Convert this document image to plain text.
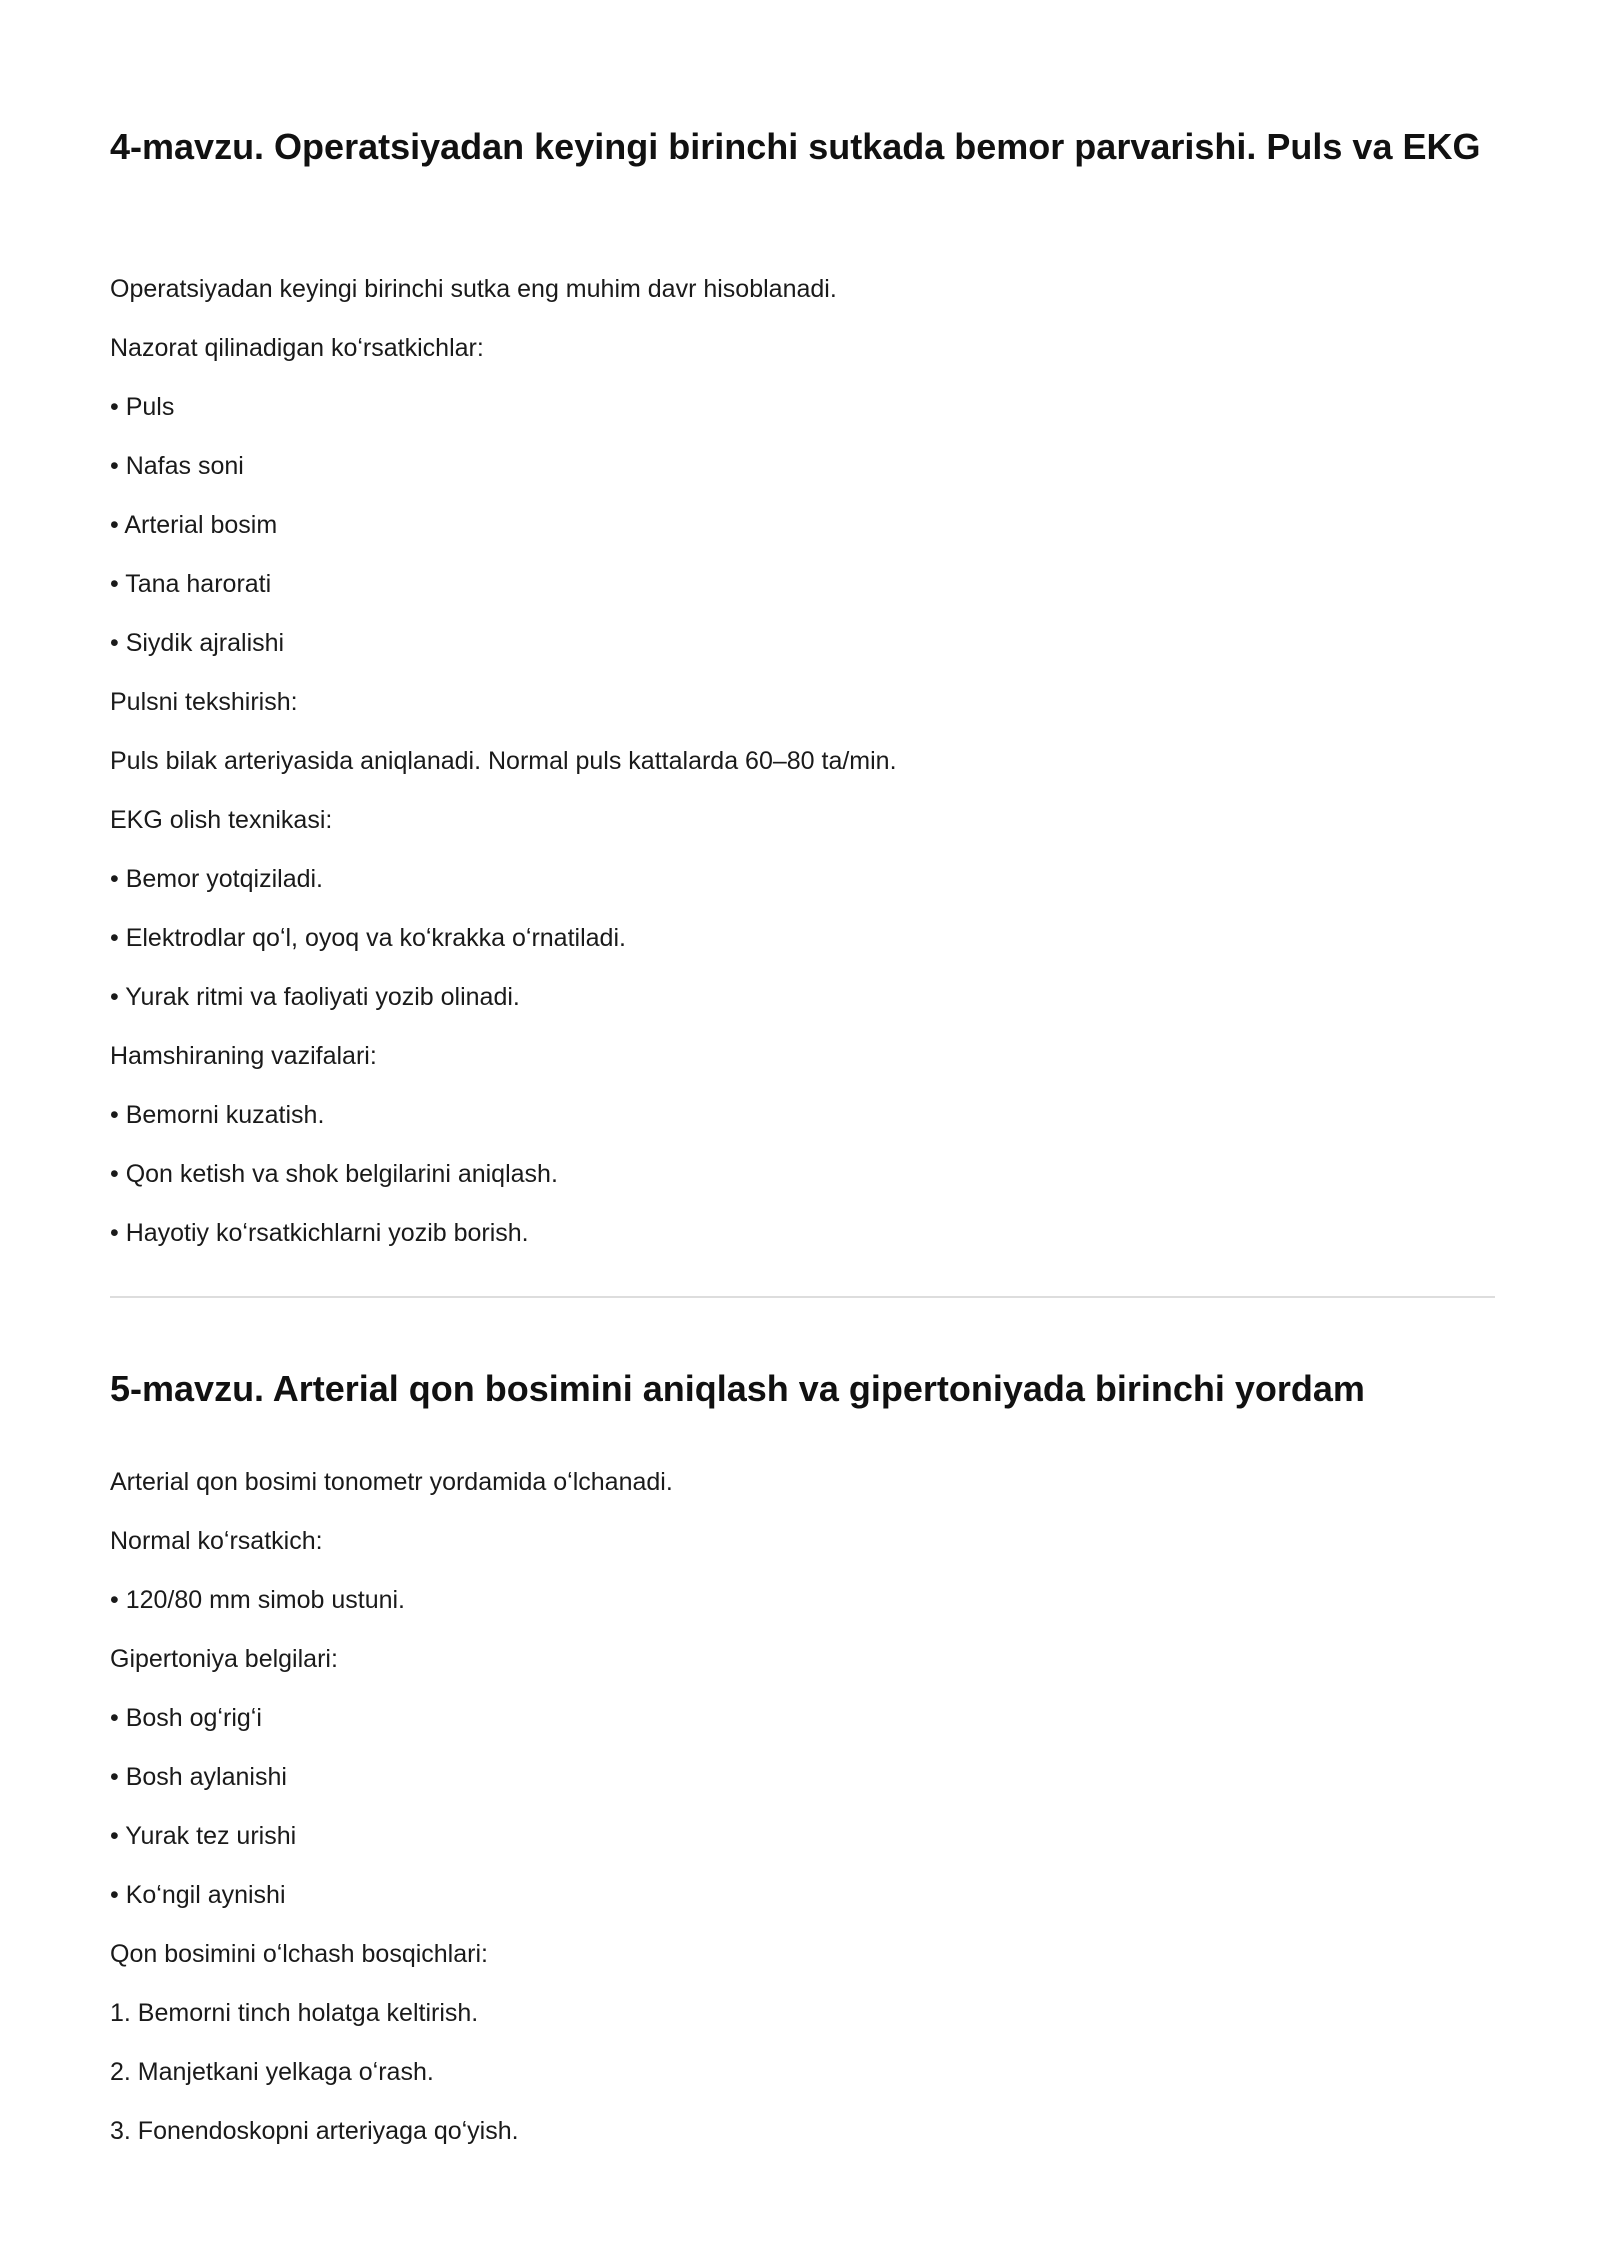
4-mavzu. Operatsiyadan keyingi birinchi sutkada bemor parvarishi. Puls va EKG
Operatsiyadan keyingi birinchi sutka eng muhim davr hisoblanadi.
Nazorat qilinadigan koʻrsatkichlar:
• Puls
• Nafas soni
• Arterial bosim
• Tana harorati
• Siydik ajralishi
Pulsni tekshirish:
Puls bilak arteriyasida aniqlanadi. Normal puls kattalarda 60–80 ta/min.
EKG olish texnikasi:
• Bemor yotqiziladi.
• Elektrodlar qoʻl, oyoq va koʻkrakka oʻrnatiladi.
• Yurak ritmi va faoliyati yozib olinadi.
Hamshiraning vazifalari:
• Bemorni kuzatish.
• Qon ketish va shok belgilarini aniqlash.
• Hayotiy koʻrsatkichlarni yozib borish.
5-mavzu. Arterial qon bosimini aniqlash va gipertoniyada birinchi yordam
Arterial qon bosimi tonometr yordamida oʻlchanadi.
Normal koʻrsatkich:
• 120/80 mm simob ustuni.
Gipertoniya belgilari:
• Bosh ogʻrigʻi
• Bosh aylanishi
• Yurak tez urishi
• Koʻngil aynishi
Qon bosimini oʻlchash bosqichlari:
1. Bemorni tinch holatga keltirish.
2. Manjetkani yelkaga oʻrash.
3. Fonendoskopni arteriyaga qoʻyish.
